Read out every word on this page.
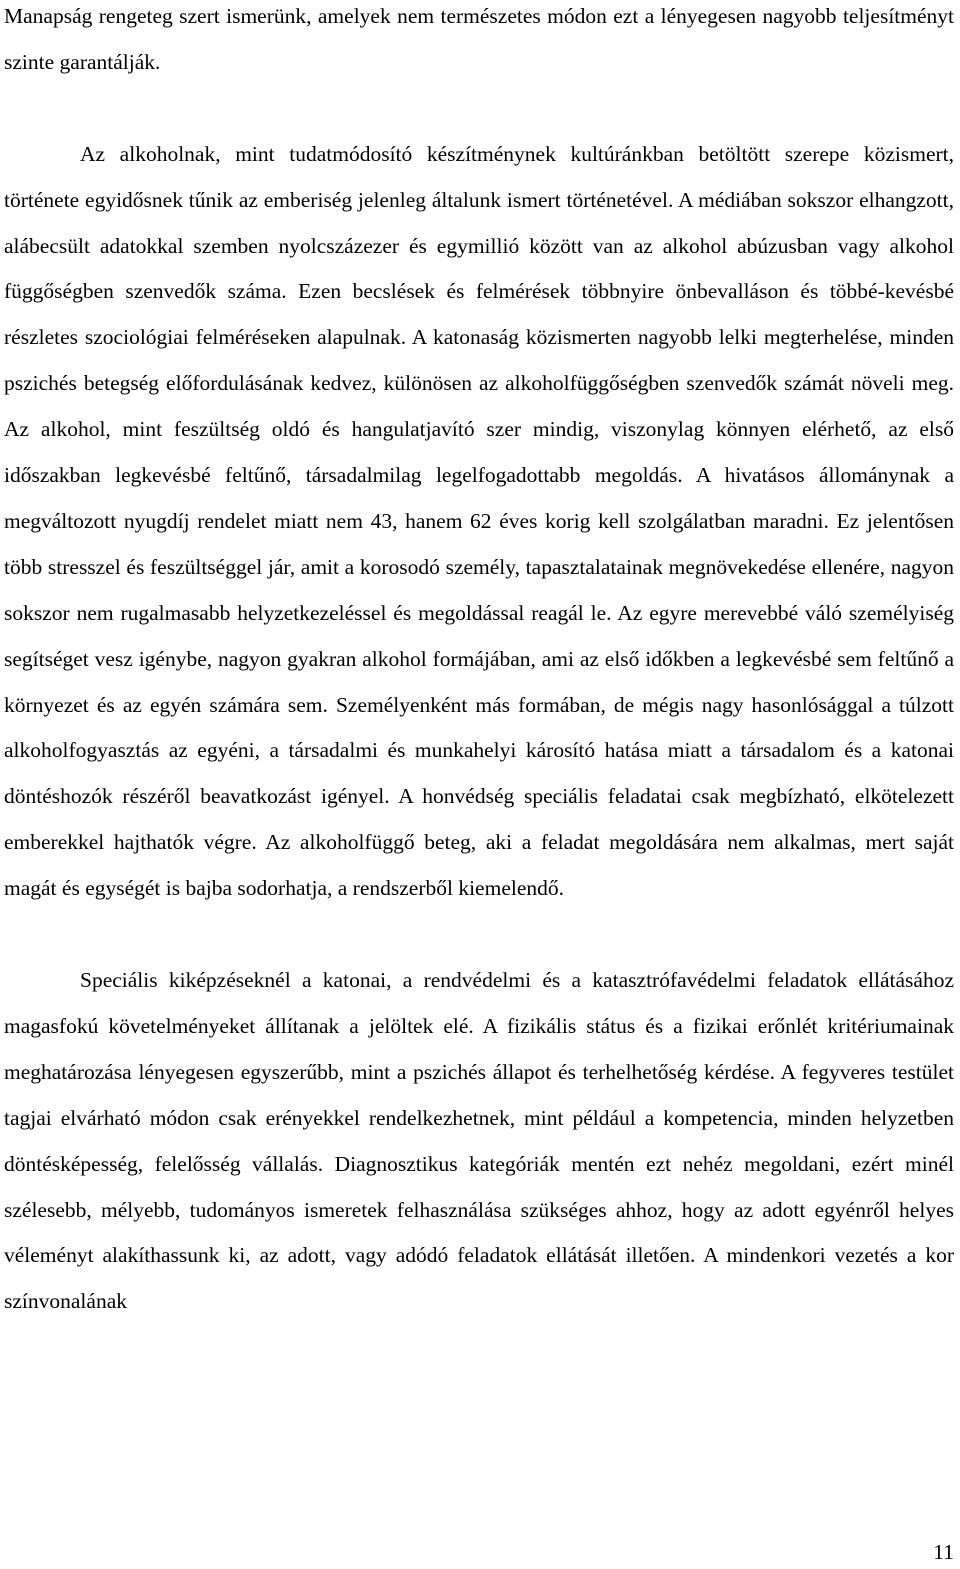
Manapság rengeteg szert ismerünk, amelyek nem természetes módon ezt a lényegesen nagyobb teljesítményt szinte garantálják.

Az alkoholnak, mint tudatmódosító készítménynek kultúránkban betöltött szerepe közismert, története egyidősnek tűnik az emberiség jelenleg általunk ismert történetével. A médiában sokszor elhangzott, alábecsült adatokkal szemben nyolcszázezer és egymillió között van az alkohol abúzusban vagy alkohol függőségben szenvedők száma. Ezen becslések és felmérések többnyire önbevalláson és többé-kevésbé részletes szociológiai felméréseken alapulnak. A katonaság közismerten nagyobb lelki megterhelése, minden pszichés betegség előfordulásának kedvez, különösen az alkoholfüggőségben szenvedők számát növeli meg. Az alkohol, mint feszültség oldó és hangulatjavító szer mindig, viszonylag könnyen elérhető, az első időszakban legkevésbé feltűnő, társadalmilag legelfogadottabb megoldás. A hivatásos állománynak a megváltozott nyugdíj rendelet miatt nem 43, hanem 62 éves korig kell szolgálatban maradni. Ez jelentősen több stresszel és feszültséggel jár, amit a korosodó személy, tapasztalatainak megnövekedése ellenére, nagyon sokszor nem rugalmasabb helyzetkezeléssel és megoldással reagál le. Az egyre merevebbé váló személyiség segítséget vesz igénybe, nagyon gyakran alkohol formájában, ami az első időkben a legkevésbé sem feltűnő a környezet és az egyén számára sem. Személyenként más formában, de mégis nagy hasonlósággal a túlzott alkoholfogyasztás az egyéni, a társadalmi és munkahelyi károsító hatása miatt a társadalom és a katonai döntéshozók részéről beavatkozást igényel. A honvédség speciális feladatai csak megbízható, elkötelezett emberekkel hajthatók végre. Az alkoholfüggő beteg, aki a feladat megoldására nem alkalmas, mert saját magát és egységét is bajba sodorhatja, a rendszerből kiemelendő.

Speciális kiképzéseknél a katonai, a rendvédelmi és a katasztrófavédelmi feladatok ellátásához magasfokú követelményeket állítanak a jelöltek elé. A fizikális státus és a fizikai erőnlét kritériumainak meghatározása lényegesen egyszerűbb, mint a pszichés állapot és terhelhetőség kérdése. A fegyveres testület tagjai elvárható módon csak erényekkel rendelkezhetnek, mint például a kompetencia, minden helyzetben döntésképesség, felelősség vállalás. Diagnosztikus kategóriák mentén ezt nehéz megoldani, ezért minél szélesebb, mélyebb, tudományos ismeretek felhasználása szükséges ahhoz, hogy az adott egyénről helyes véleményt alakíthassunk ki, az adott, vagy adódó feladatok ellátását illetően. A mindenkori vezetés a kor színvonalának

11
